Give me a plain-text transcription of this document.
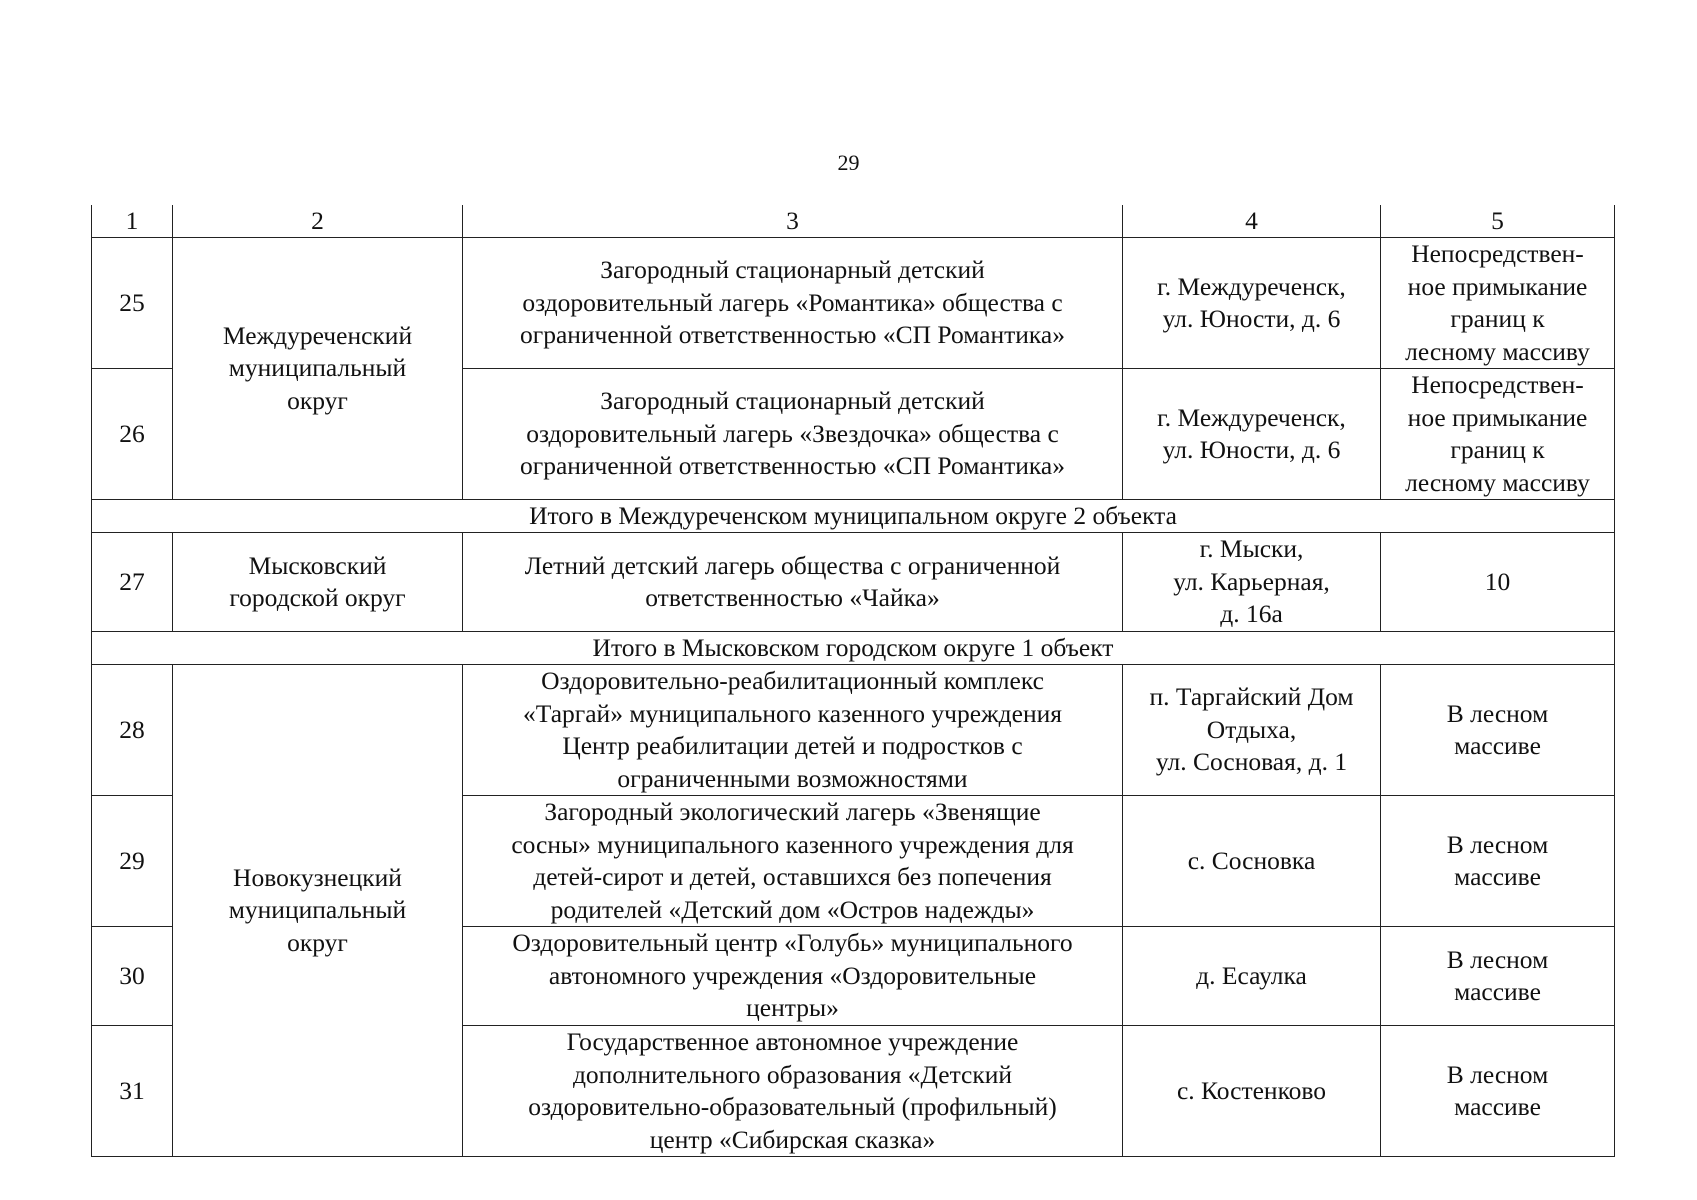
29
1	2	3	4	5
25	Междуреченский
муниципальный
округ	Загородный стационарный детский
оздоровительный лагерь «Романтика» общества с
ограниченной ответственностью «СП Романтика»	г. Междуреченск,
ул. Юности, д. 6	Непосредствен-
ное примыкание
границ к
лесному массиву

26		Загородный стационарный детский
оздоровительный лагерь «Звездочка» общества с
ограниченной ответственностью «СП Романтика»	г. Междуреченск,
ул. Юности, д. 6	Непосредствен-
ное примыкание
границ к
лесному массиву

Итого в Междуреченском муниципальном округе 2 объекта				
27	Мысковский
городской округ	Летний детский лагерь общества с ограниченной
ответственностью «Чайка»	г. Мыски,
ул. Карьерная,
д. 16а	10

Итого в Мысковском городском округе 1 объект				
28	Новокузнецкий
муниципальный
округ	Оздоровительно-реабилитационный комплекс
«Таргай» муниципального казенного учреждения
Центр реабилитации детей и подростков с
ограниченными возможностями	п. Таргайский Дом
Отдыха,
ул. Сосновая, д. 1	В лесном
массиве

29		Загородный экологический лагерь «Звенящие
сосны» муниципального казенного учреждения для
детей-сирот и детей, оставшихся без попечения
родителей «Детский дом «Остров надежды»	с. Сосновка	В лесном
массиве

30		Оздоровительный центр «Голубь» муниципального
автономного учреждения «Оздоровительные
центры»	д. Есаулка	В лесном
массиве

31		Государственное автономное учреждение
дополнительного образования «Детский
оздоровительно-образовательный (профильный)
центр «Сибирская сказка»	с. Костенково	В лесном
массиве
